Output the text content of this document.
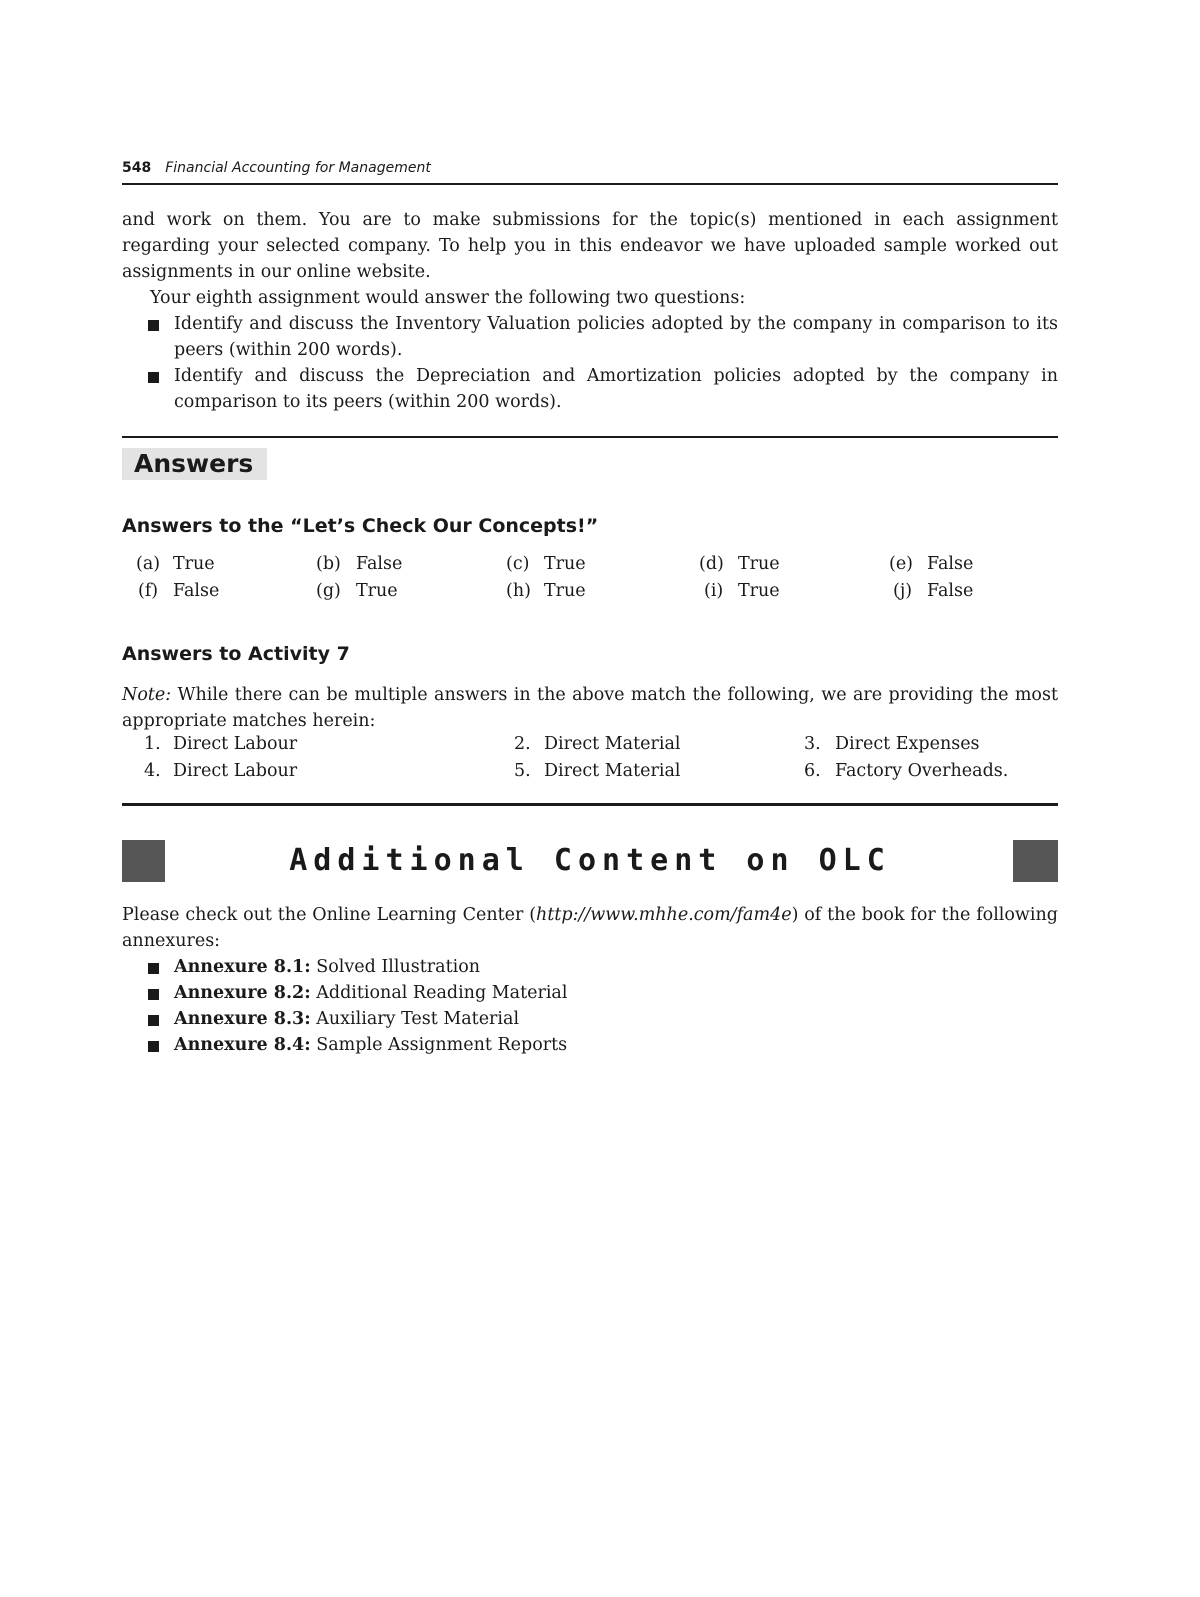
548 Financial Accounting for Management

and work on them. You are to make submissions for the topic(s) mentioned in each assignment regarding your selected company. To help you in this endeavor we have uploaded sample worked out assignments in our online website.

Your eighth assignment would answer the following two questions:

Identify and discuss the Inventory Valuation policies adopted by the company in comparison to its peers (within 200 words).
Identify and discuss the Depreciation and Amortization policies adopted by the company in comparison to its peers (within 200 words).
Answers
Answers to the “Let’s Check Our Concepts!”
(a) True	(b) False	(c) True	(d) True	(e) False
(f) False	(g) True	(h) True	(i) True	(j) False
Answers to Activity 7

Note: While there can be multiple answers in the above match the following, we are providing the most appropriate matches herein:

1. Direct Labour	2. Direct Material	3. Direct Expenses
4. Direct Labour	5. Direct Material	6. Factory Overheads.
Additional Content on OLC

Please check out the Online Learning Center (http://www.mhhe.com/fam4e) of the book for the following annexures:

Annexure 8.1: Solved Illustration
Annexure 8.2: Additional Reading Material
Annexure 8.3: Auxiliary Test Material
Annexure 8.4: Sample Assignment Reports
